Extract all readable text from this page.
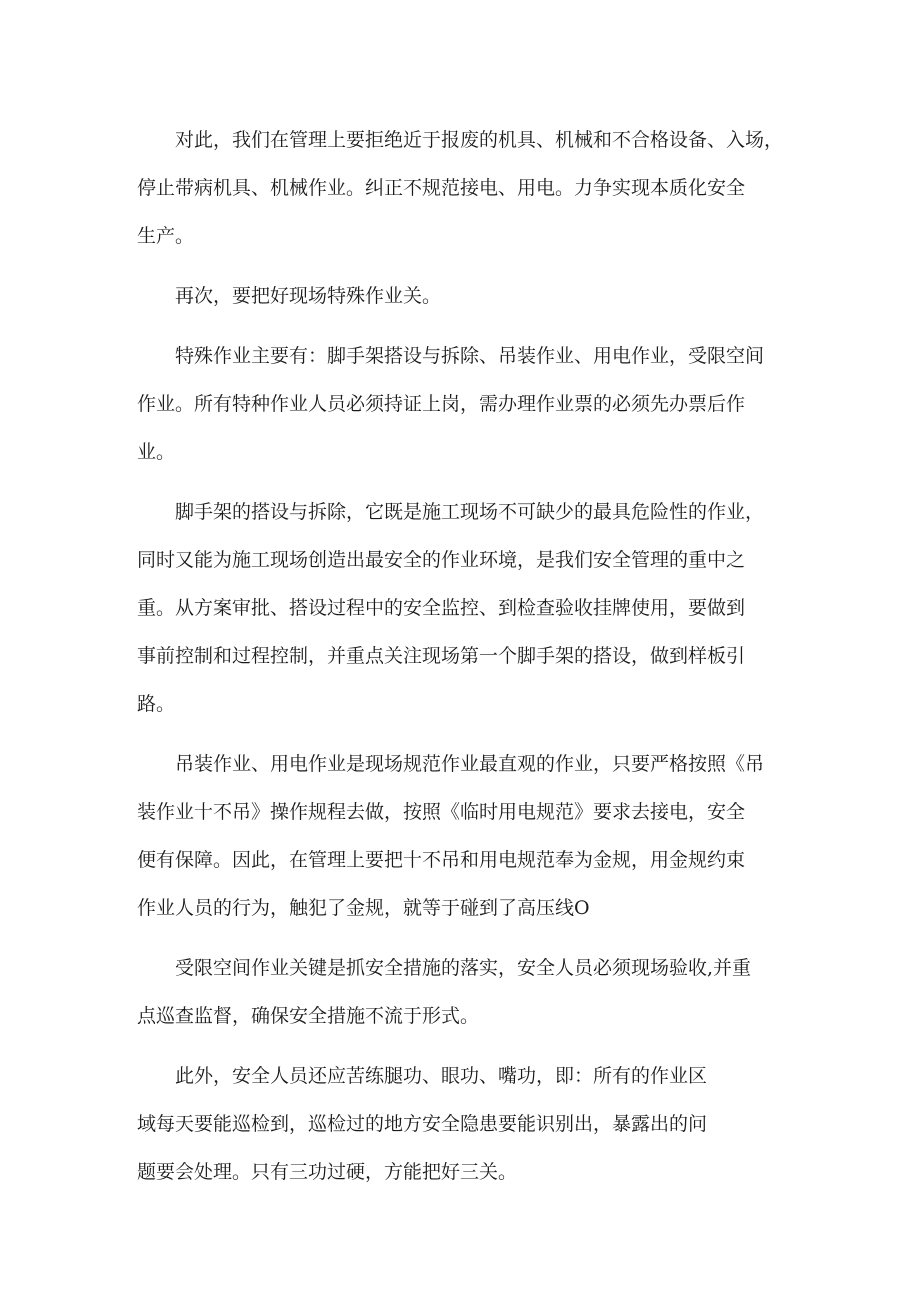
对此，我们在管理上要拒绝近于报废的机具、机械和不合格设备、入场，
停止带病机具、机械作业。纠正不规范接电、用电。力争实现本质化安全
生产。
再次，要把好现场特殊作业关。
特殊作业主要有：脚手架搭设与拆除、吊装作业、用电作业，受限空间
作业。所有特种作业人员必须持证上岗，需办理作业票的必须先办票后作
业。
脚手架的搭设与拆除，它既是施工现场不可缺少的最具危险性的作业，
同时又能为施工现场创造出最安全的作业环境，是我们安全管理的重中之
重。从方案审批、搭设过程中的安全监控、到检查验收挂牌使用，要做到
事前控制和过程控制，并重点关注现场第一个脚手架的搭设，做到样板引
路。
吊装作业、用电作业是现场规范作业最直观的作业，只要严格按照《吊
装作业十不吊》操作规程去做，按照《临时用电规范》要求去接电，安全
便有保障。因此，在管理上要把十不吊和用电规范奉为金规，用金规约束
作业人员的行为，触犯了金规，就等于碰到了高压线O
受限空间作业关键是抓安全措施的落实，安全人员必须现场验收,并重
点巡查监督，确保安全措施不流于形式。
此外，安全人员还应苦练腿功、眼功、嘴功，即：所有的作业区
域每天要能巡检到，巡检过的地方安全隐患要能识别出，暴露出的问
题要会处理。只有三功过硬，方能把好三关。
